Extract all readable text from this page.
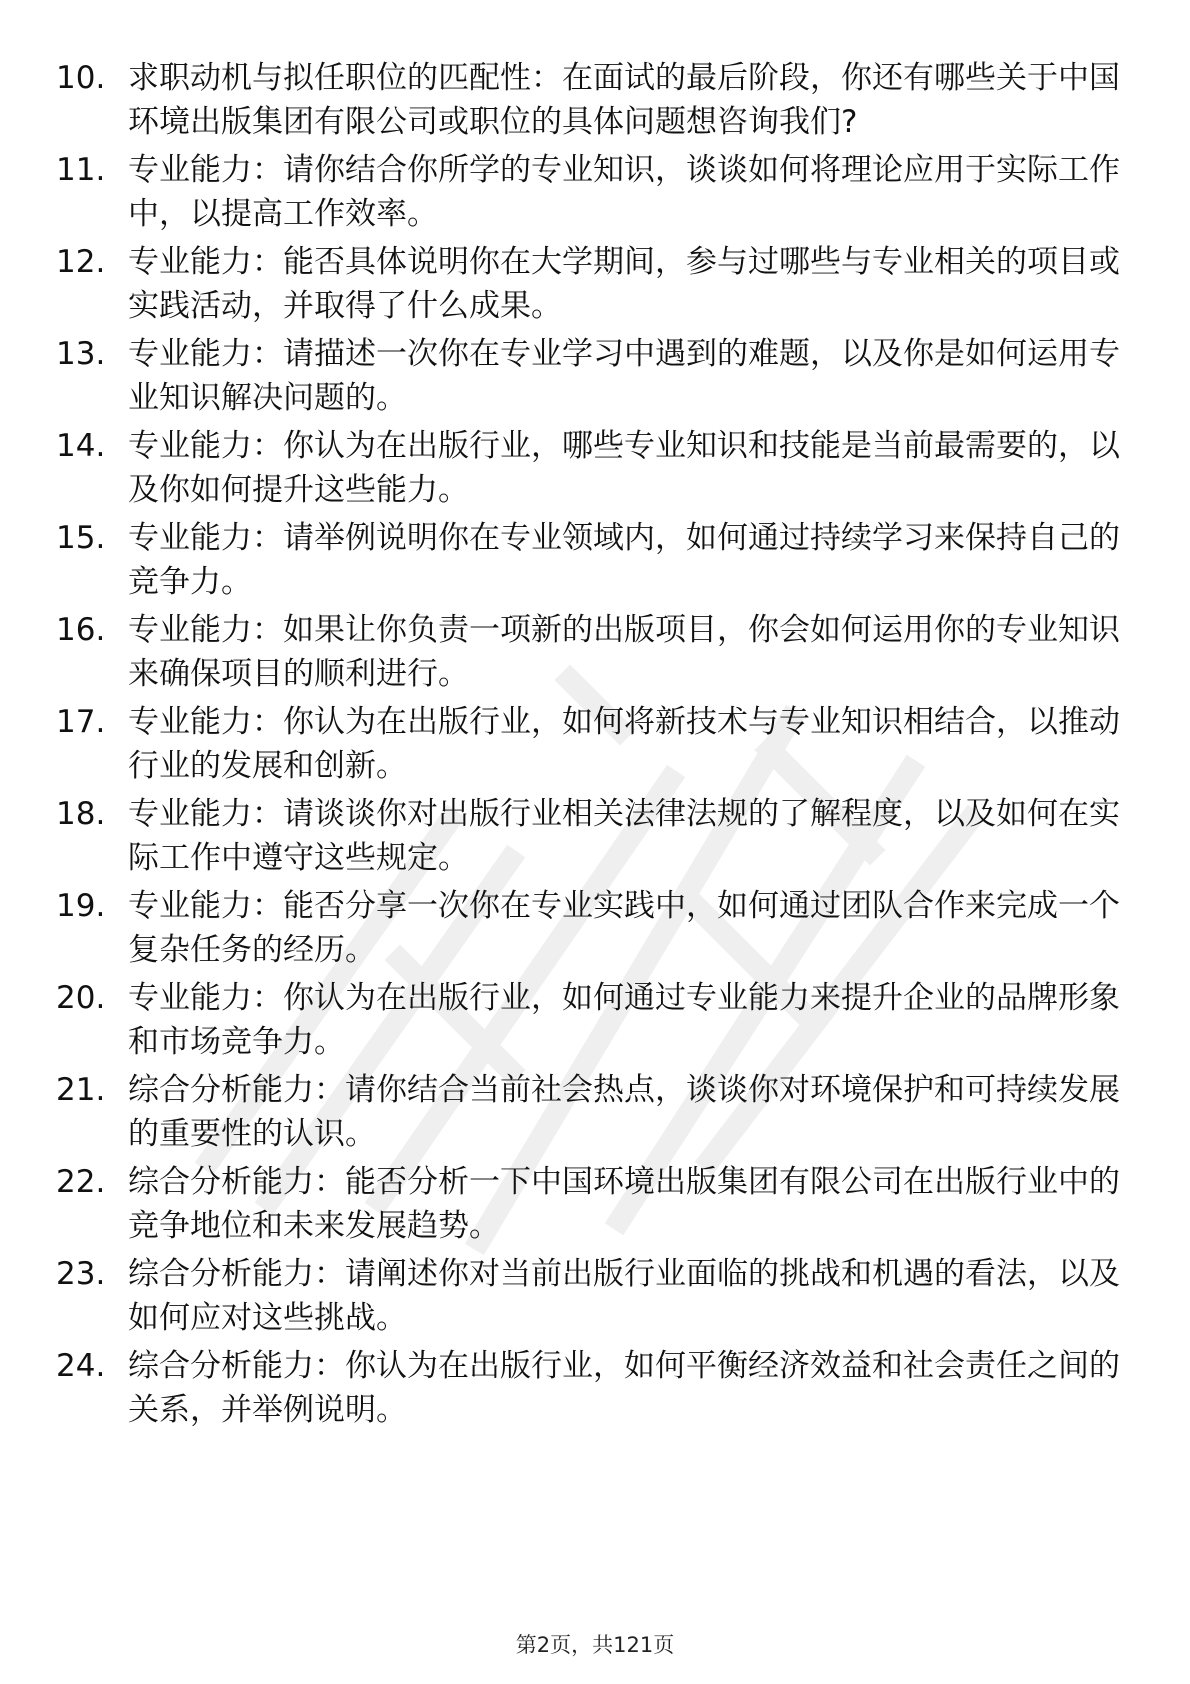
10. 求职动机与拟任职位的匹配性：在面试的最后阶段，你还有哪些关于中国环境出版集团有限公司或职位的具体问题想咨询我们?
11. 专业能力：请你结合你所学的专业知识，谈谈如何将理论应用于实际工作中，以提高工作效率。
12. 专业能力：能否具体说明你在大学期间，参与过哪些与专业相关的项目或实践活动，并取得了什么成果。
13. 专业能力：请描述一次你在专业学习中遇到的难题，以及你是如何运用专业知识解决问题的。
14. 专业能力：你认为在出版行业，哪些专业知识和技能是当前最需要的，以及你如何提升这些能力。
15. 专业能力：请举例说明你在专业领域内，如何通过持续学习来保持自己的竞争力。
16. 专业能力：如果让你负责一项新的出版项目，你会如何运用你的专业知识来确保项目的顺利进行。
17. 专业能力：你认为在出版行业，如何将新技术与专业知识相结合，以推动行业的发展和创新。
18. 专业能力：请谈谈你对出版行业相关法律法规的了解程度，以及如何在实际工作中遵守这些规定。
19. 专业能力：能否分享一次你在专业实践中，如何通过团队合作来完成一个复杂任务的经历。
20. 专业能力：你认为在出版行业，如何通过专业能力来提升企业的品牌形象和市场竞争力。
21. 综合分析能力：请你结合当前社会热点，谈谈你对环境保护和可持续发展的重要性的认识。
22. 综合分析能力：能否分析一下中国环境出版集团有限公司在出版行业中的竞争地位和未来发展趋势。
23. 综合分析能力：请阐述你对当前出版行业面临的挑战和机遇的看法，以及如何应对这些挑战。
24. 综合分析能力：你认为在出版行业，如何平衡经济效益和社会责任之间的关系，并举例说明。
第2页，共121页
